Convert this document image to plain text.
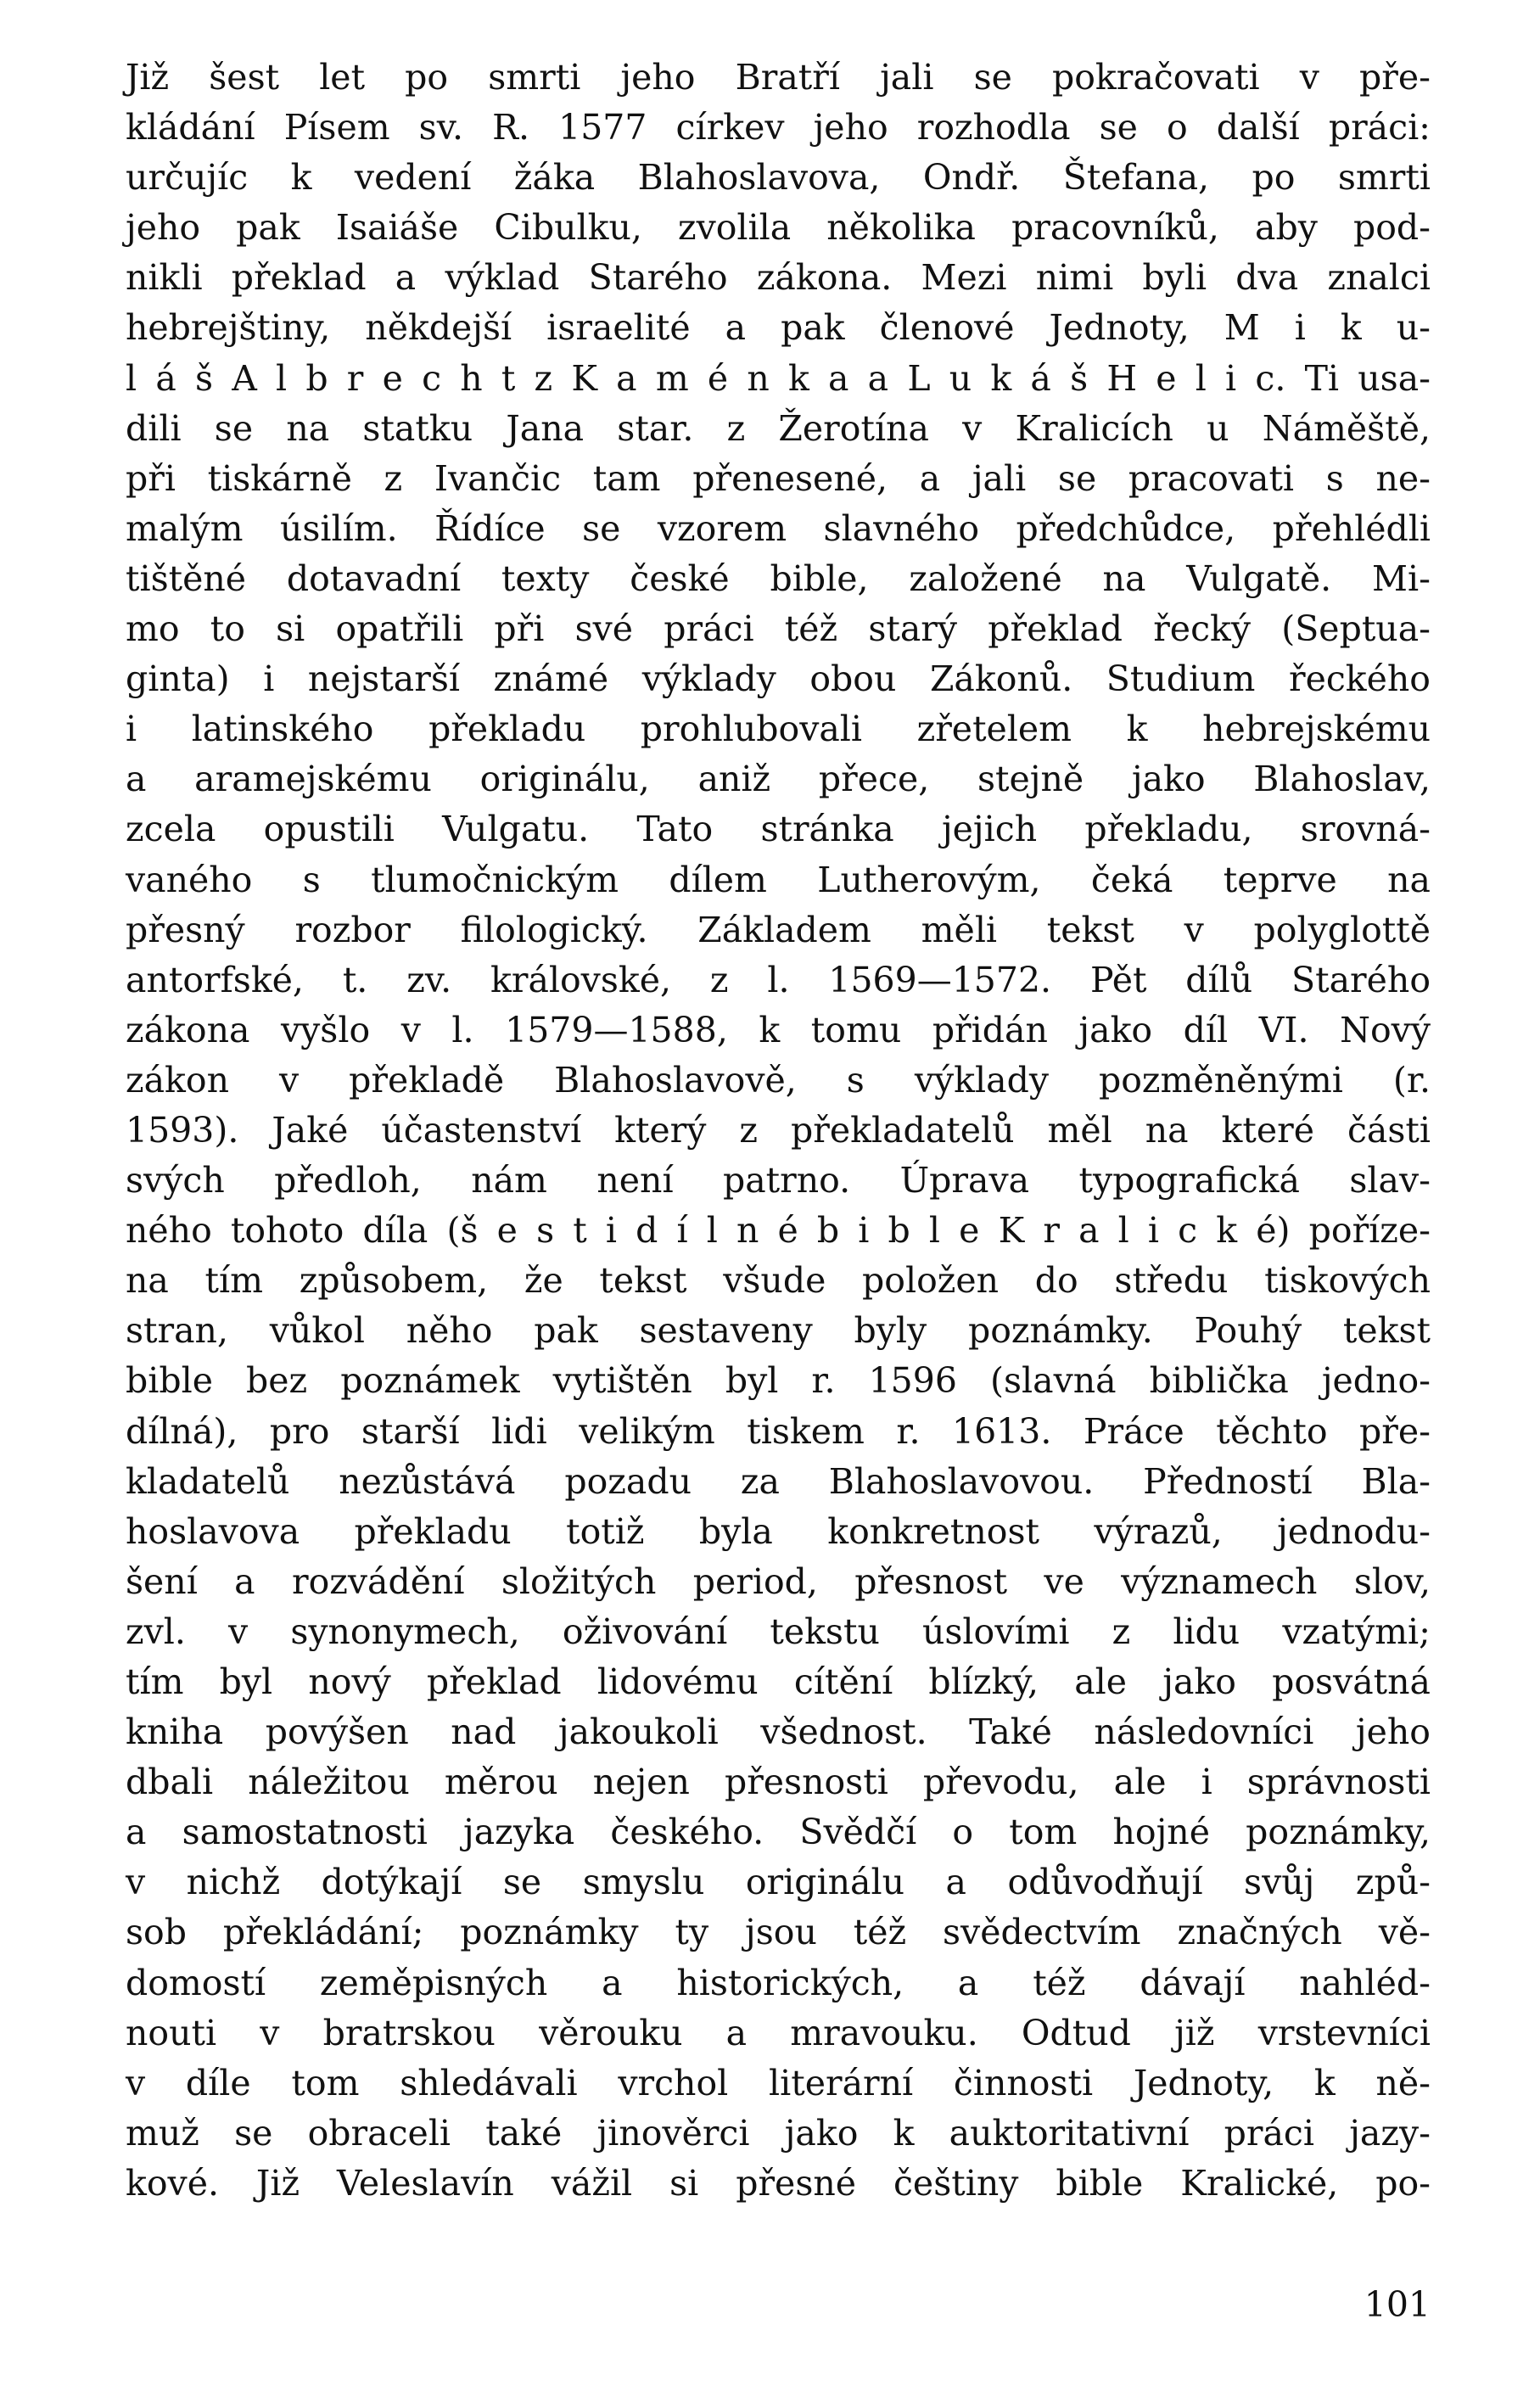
Již šest let po smrti jeho Bratří jali se pokračovati v pře-
kládání Písem sv. R. 1577 církev jeho rozhodla se o další práci:
určujíc k vedení žáka Blahoslavova, Ondř. Štefana, po smrti
jeho pak Isaiáše Cibulku, zvolila několika pracovníků, aby pod-
nikli překlad a výklad Starého zákona. Mezi nimi byli dva znalci
hebrejštiny, někdejší israelité a pak členové Jednoty, M i k u-
l á š A l b r e c h t z K a m é n k a a L u k á š H e l i c. Ti usa-
dili se na statku Jana star. z Žerotína v Kralicích u Náměště,
při tiskárně z Ivančic tam přenesené, a jali se pracovati s ne-
malým úsilím. Řídíce se vzorem slavného předchůdce, přehlédli
tištěné dotavadní texty české bible, založené na Vulgatě. Mi-
mo to si opatřili při své práci též starý překlad řecký (Septua-
ginta) i nejstarší známé výklady obou Zákonů. Studium řeckého
i latinského překladu prohlubovali zřetelem k hebrejskému
a aramejskému originálu, aniž přece, stejně jako Blahoslav,
zcela opustili Vulgatu. Tato stránka jejich překladu, srovná-
vaného s tlumočnickým dílem Lutherovým, čeká teprve na
přesný rozbor filologický. Základem měli tekst v polyglottě
antorfské, t. zv. královské, z l. 1569—1572. Pět dílů Starého
zákona vyšlo v l. 1579—1588, k tomu přidán jako díl VI. Nový
zákon v překladě Blahoslavově, s výklady pozměněnými (r.
1593). Jaké účastenství který z překladatelů měl na které části
svých předloh, nám není patrno. Úprava typografická slav-
ného tohoto díla (š e s t i d í l n é b i b l e K r a l i c k é) pořízе-
na tím způsobem, že tekst všude položen do středu tiskových
stran, vůkol něho pak sestaveny byly poznámky. Pouhý tekst
bible bez poznámek vytištěn byl r. 1596 (slavná biblička jedno-
dílná), pro starší lidi velikým tiskem r. 1613. Práce těchto pře-
kladatelů nezůstává pozadu za Blahoslavovou. Předností Bla-
hoslavova překladu totiž byla konkretnost výrazů, jednodu-
šení a rozvádění složitých period, přesnost ve významech slov,
zvl. v synonymech, oživování tekstu úslovími z lidu vzatými;
tím byl nový překlad lidovému cítění blízký, ale jako posvátná
kniha povýšen nad jakoukoli všednost. Také následovníci jeho
dbali náležitou měrou nejen přesnosti převodu, ale i správnosti
a samostatnosti jazyka českého. Svědčí o tom hojné poznámky,
v nichž dotýkají se smyslu originálu a odůvodňují svůj způ-
sob překládání; poznámky ty jsou též svědectvím značných vě-
domostí zeměpisných a historických, a též dávají nahléd-
nouti v bratrskou věrouku a mravouku. Odtud již vrstevníci
v díle tom shledávali vrchol literární činnosti Jednoty, k ně-
muž se obraceli také jinověrci jako k auktoritativní práci jazy-
kové. Již Veleslavín vážil si přesné češtiny bible Kralické, po-
101
